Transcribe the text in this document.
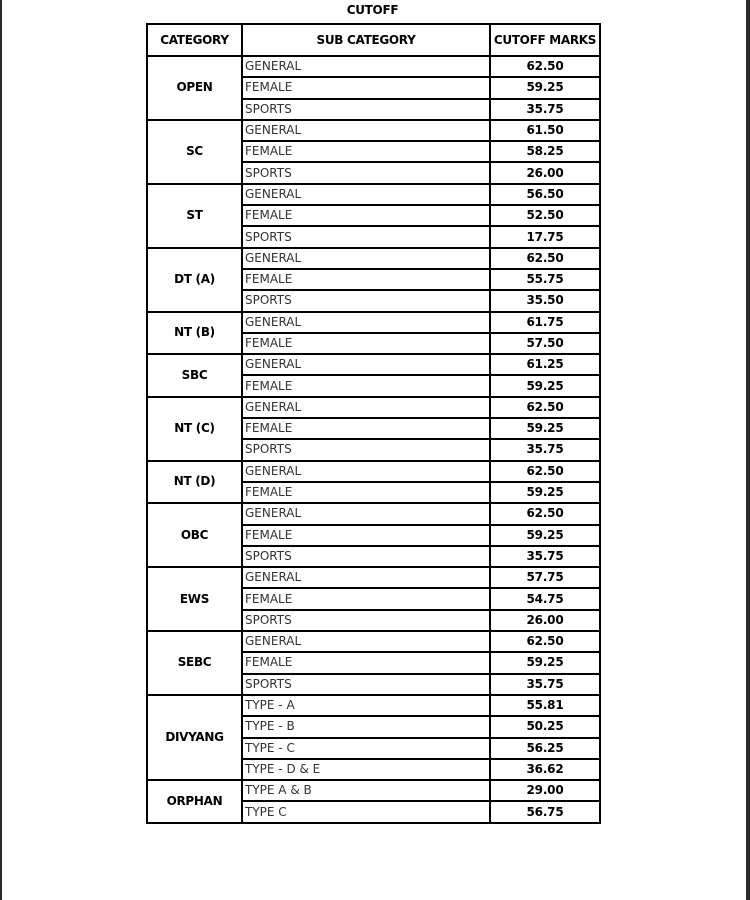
CUTOFF
CATEGORY	SUB CATEGORY	CUTOFF MARKS
OPEN	GENERAL	62.50
	FEMALE	59.25
	SPORTS	35.75
SC	GENERAL	61.50
	FEMALE	58.25
	SPORTS	26.00
ST	GENERAL	56.50
	FEMALE	52.50
	SPORTS	17.75
DT (A)	GENERAL	62.50
	FEMALE	55.75
	SPORTS	35.50
NT (B)	GENERAL	61.75
	FEMALE	57.50
SBC	GENERAL	61.25
	FEMALE	59.25
NT (C)	GENERAL	62.50
	FEMALE	59.25
	SPORTS	35.75
NT (D)	GENERAL	62.50
	FEMALE	59.25
OBC	GENERAL	62.50
	FEMALE	59.25
	SPORTS	35.75
EWS	GENERAL	57.75
	FEMALE	54.75
	SPORTS	26.00
SEBC	GENERAL	62.50
	FEMALE	59.25
	SPORTS	35.75
DIVYANG	TYPE - A	55.81
	TYPE - B	50.25
	TYPE - C	56.25
	TYPE - D & E	36.62
ORPHAN	TYPE A & B	29.00
	TYPE C	56.75
